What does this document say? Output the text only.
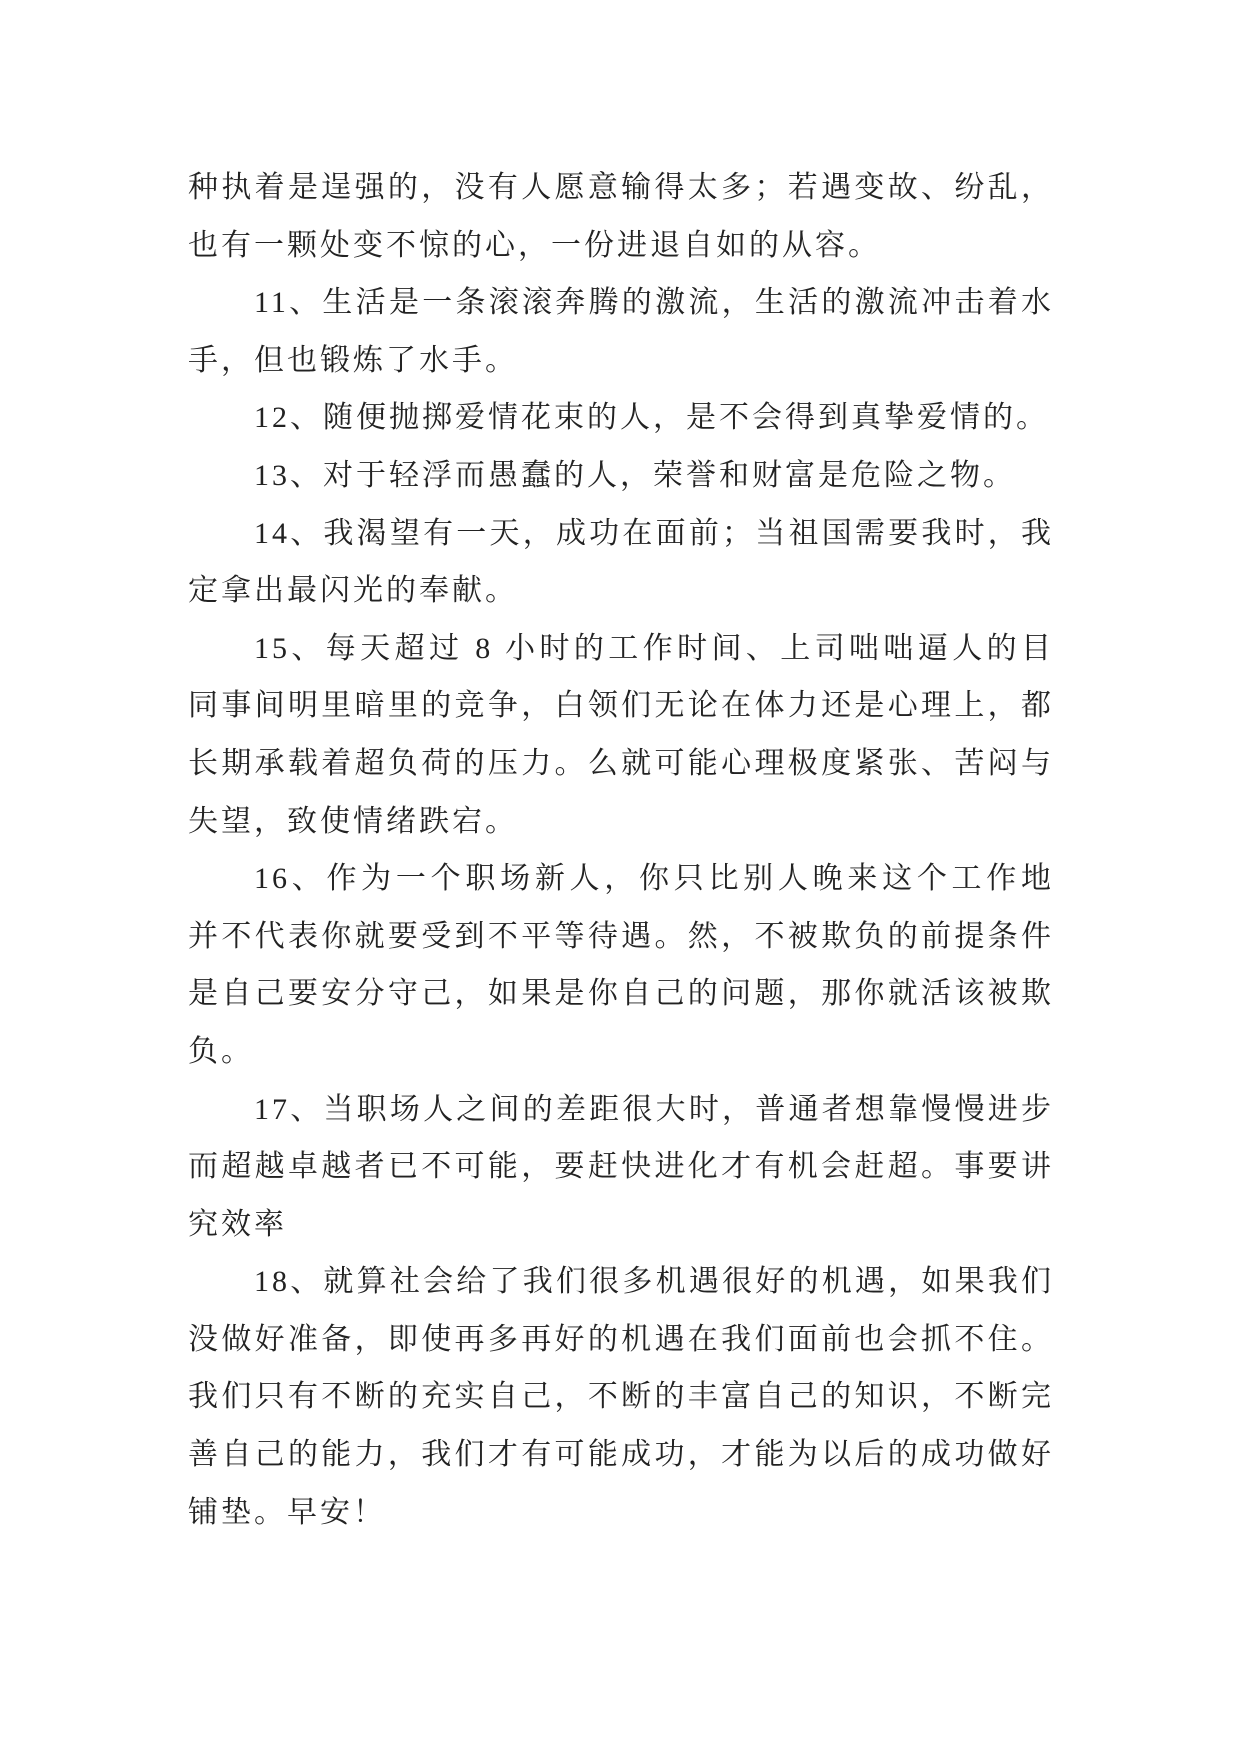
种执着是逞强的，没有人愿意输得太多；若遇变故、纷乱，
也有一颗处变不惊的心，一份进退自如的从容。

11、生活是一条滚滚奔腾的激流，生活的激流冲击着水
手，但也锻炼了水手。

12、随便抛掷爱情花束的人，是不会得到真挚爱情的。

13、对于轻浮而愚蠢的人，荣誉和财富是危险之物。

14、我渴望有一天，成功在面前；当祖国需要我时，我
定拿出最闪光的奉献。

15、每天超过 8 小时的工作时间、上司咄咄逼人的目
同事间明里暗里的竞争，白领们无论在体力还是心理上，都
长期承载着超负荷的压力。么就可能心理极度紧张、苦闷与
失望，致使情绪跌宕。

16、作为一个职场新人，你只比别人晚来这个工作地
并不代表你就要受到不平等待遇。然，不被欺负的前提条件
是自己要安分守己，如果是你自己的问题，那你就活该被欺
负。

17、当职场人之间的差距很大时，普通者想靠慢慢进步
而超越卓越者已不可能，要赶快进化才有机会赶超。事要讲
究效率

18、就算社会给了我们很多机遇很好的机遇，如果我们
没做好准备，即使再多再好的机遇在我们面前也会抓不住。
我们只有不断的充实自己，不断的丰富自己的知识，不断完
善自己的能力，我们才有可能成功，才能为以后的成功做好
铺垫。早安！
